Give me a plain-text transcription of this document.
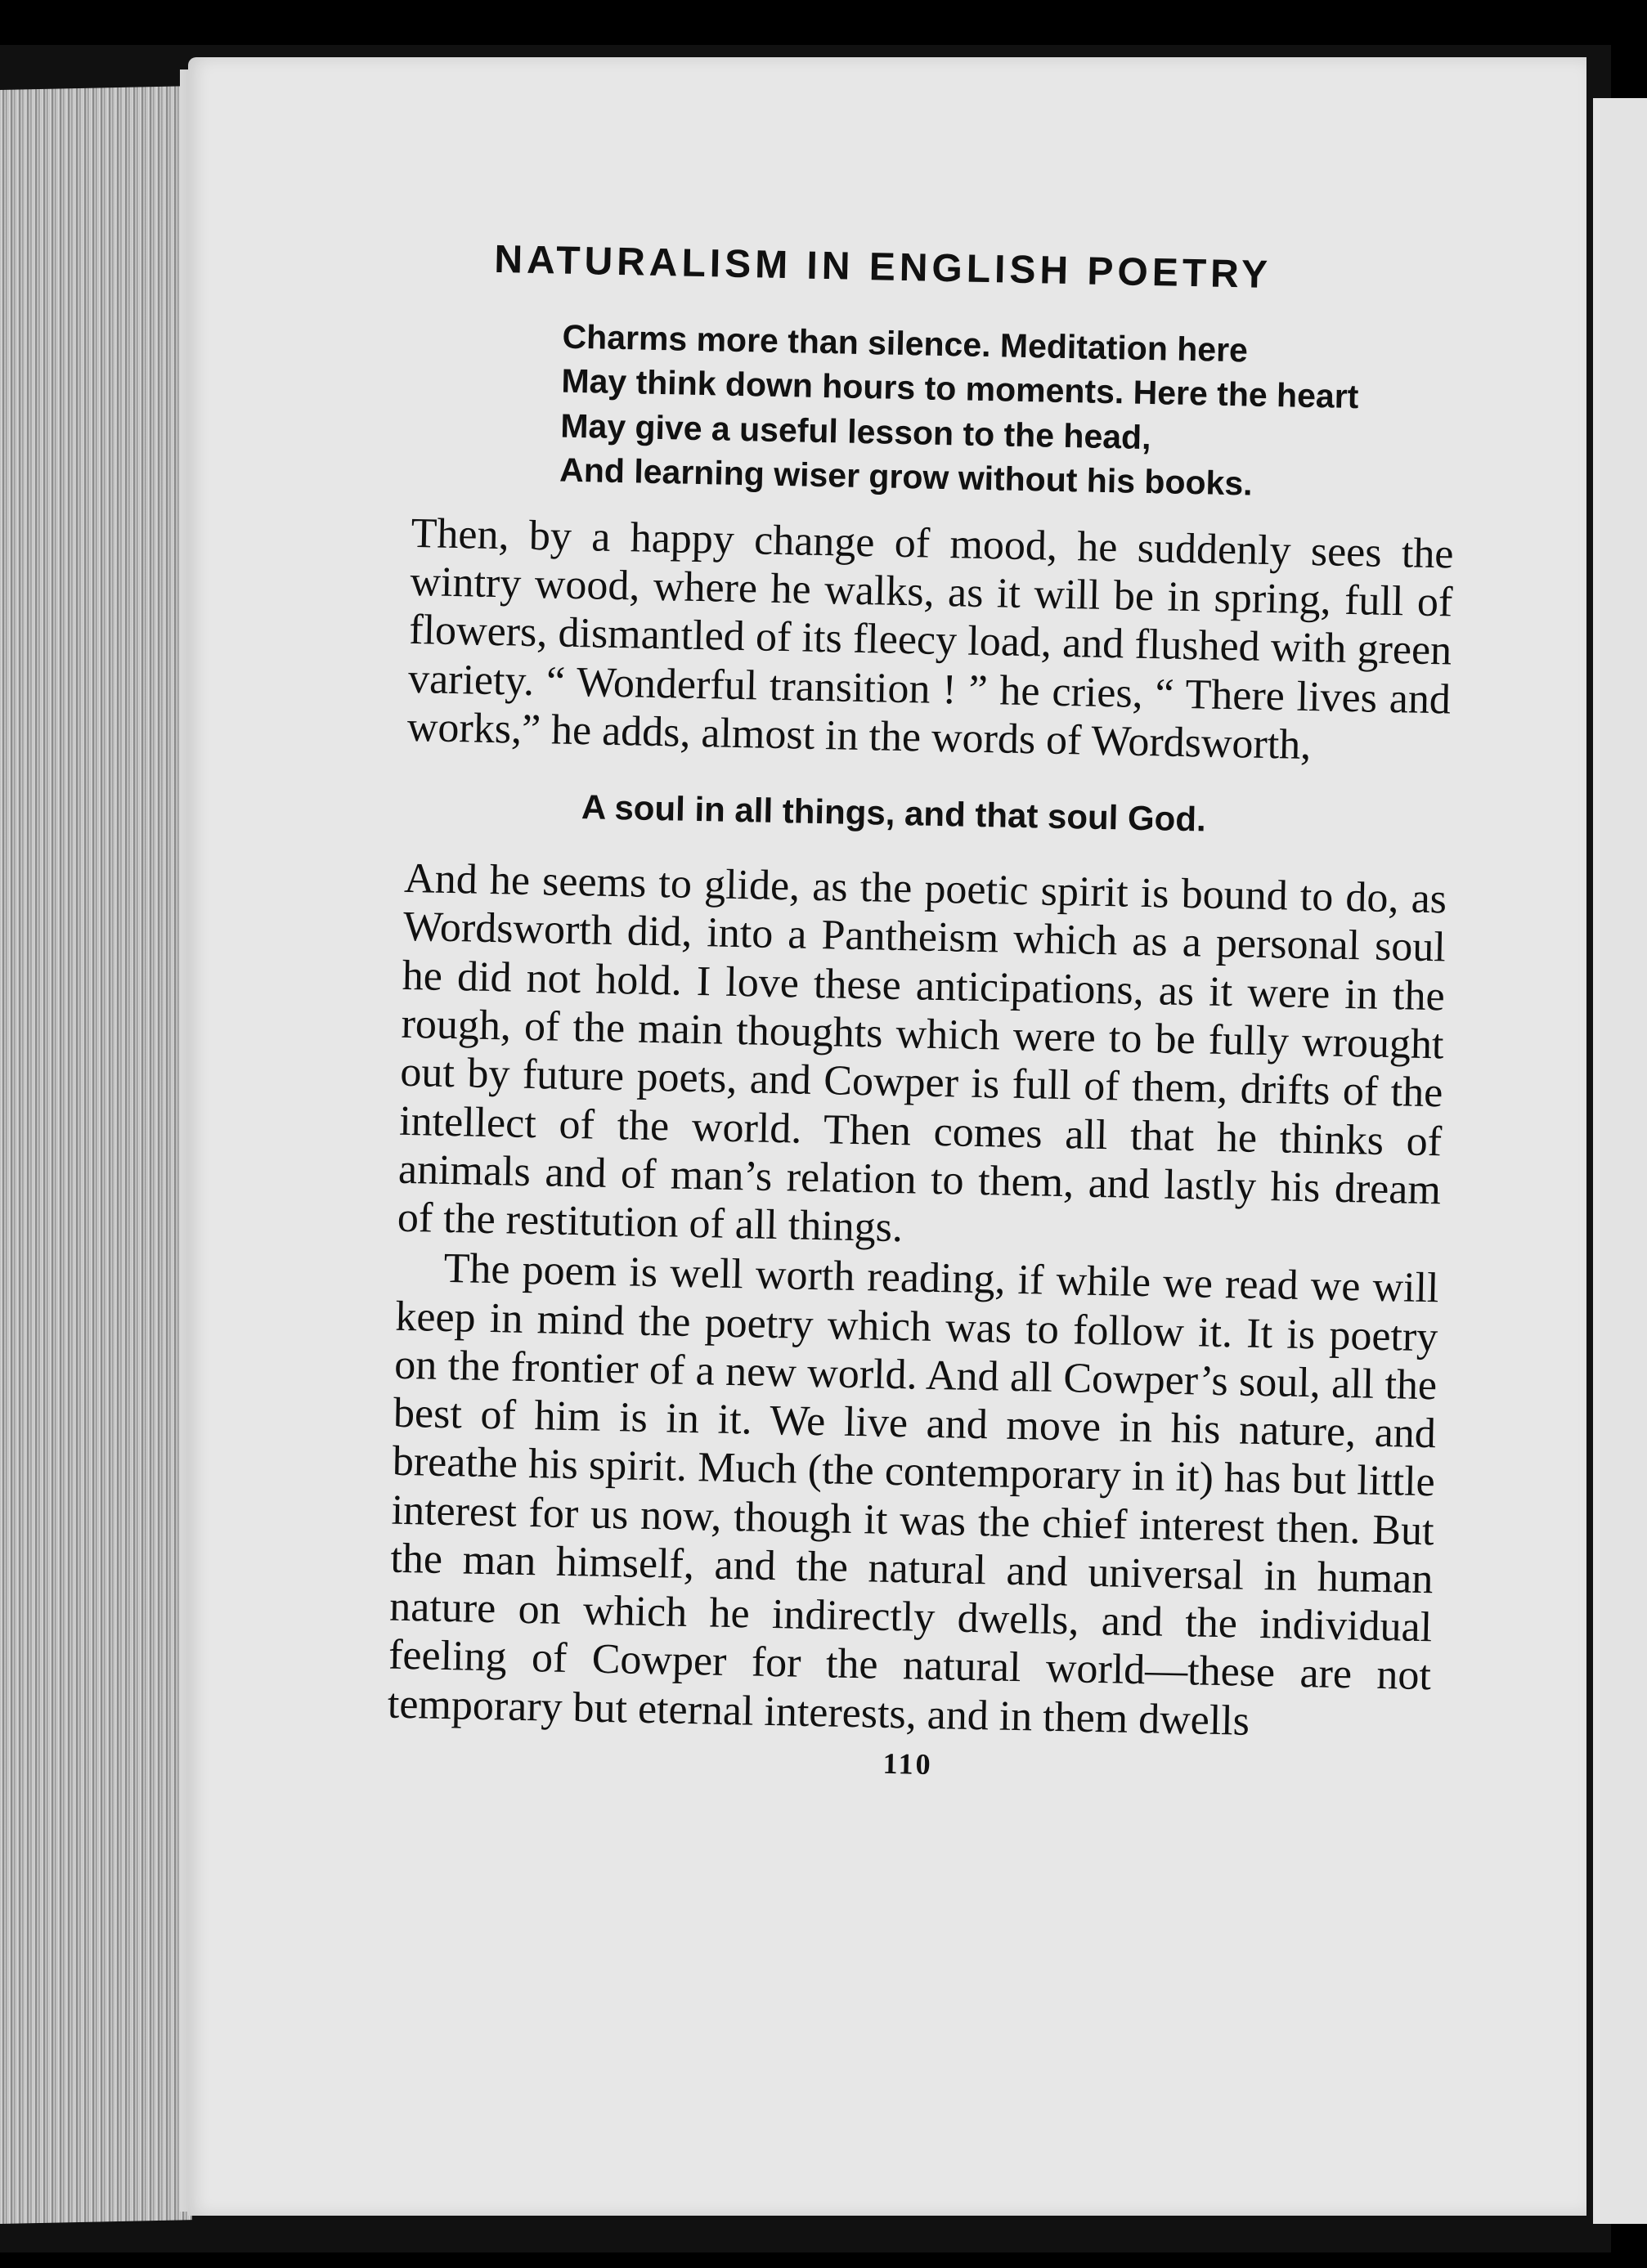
NATURALISM IN ENGLISH POETRY
Charms more than silence. Meditation here
May think down hours to moments. Here the heart
May give a useful lesson to the head,
And learning wiser grow without his books.

Then, by a happy change of mood, he suddenly sees the wintry wood, where he walks, as it will be in spring, full of flowers, dismantled of its fleecy load, and flushed with green variety. “ Wonderful transition ! ” he cries, “ There lives and works,” he adds, almost in the words of Wordsworth,

A soul in all things, and that soul God.

And he seems to glide, as the poetic spirit is bound to do, as Wordsworth did, into a Pantheism which as a personal soul he did not hold. I love these anticipations, as it were in the rough, of the main thoughts which were to be fully wrought out by future poets, and Cowper is full of them, drifts of the intellect of the world. Then comes all that he thinks of animals and of man’s relation to them, and lastly his dream of the restitution of all things.

The poem is well worth reading, if while we read we will keep in mind the poetry which was to follow it. It is poetry on the frontier of a new world. And all Cowper’s soul, all the best of him is in it. We live and move in his nature, and breathe his spirit. Much (the contemporary in it) has but little interest for us now, though it was the chief interest then. But the man himself, and the natural and universal in human nature on which he indirectly dwells, and the individual feeling of Cowper for the natural world—these are not temporary but eternal interests, and in them dwells

110
